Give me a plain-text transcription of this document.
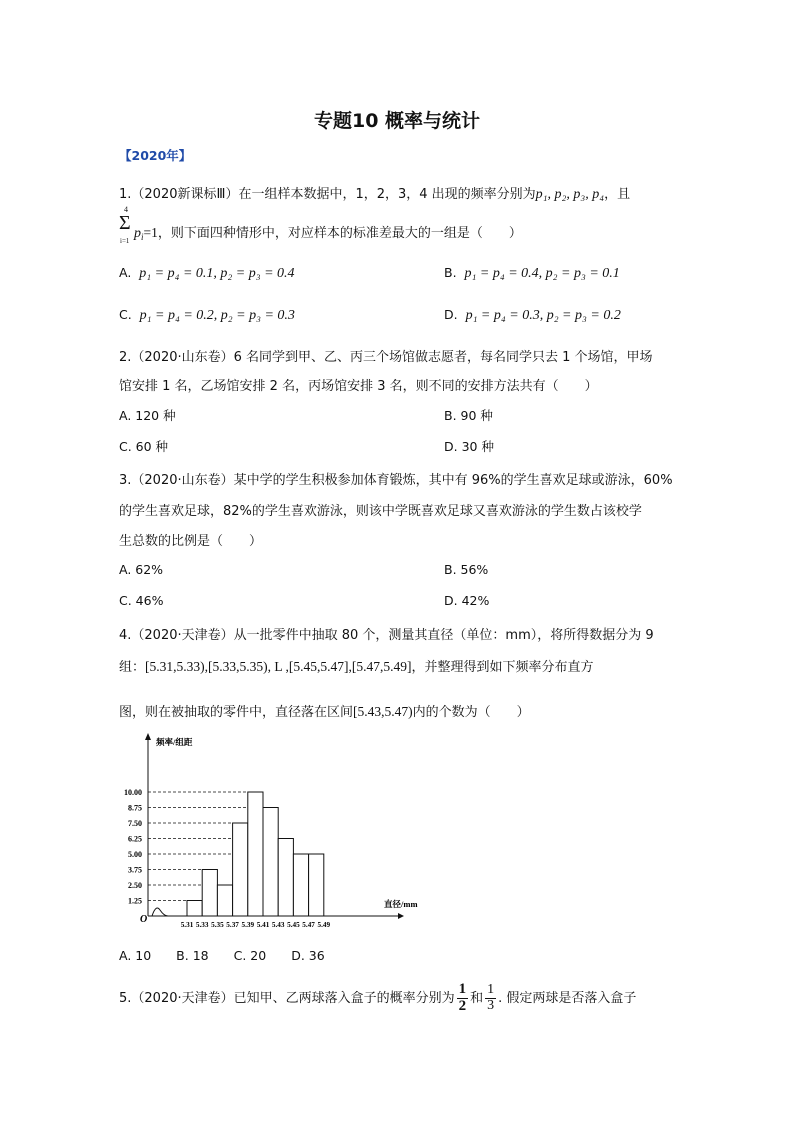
专题10 概率与统计
【2020年】
1.（2020新课标Ⅲ）在一组样本数据中，1，2，3，4 出现的频率分别为p₁, p₂, p₃, p₄，且
4
Σ
i=1 $p_i=1$，则下面四种情形中，对应样本的标准差最大的一组是（　　）
A. p₁ = p₄ = 0.1, p₂ = p₃ = 0.4	B. p₁ = p₄ = 0.4, p₂ = p₃ = 0.1
C. p₁ = p₄ = 0.2, p₂ = p₃ = 0.3	D. p₁ = p₄ = 0.3, p₂ = p₃ = 0.2
2.（2020·山东卷）6 名同学到甲、乙、丙三个场馆做志愿者，每名同学只去 1 个场馆，甲场
馆安排 1 名，乙场馆安排 2 名，丙场馆安排 3 名，则不同的安排方法共有（　　）
A. 120 种	B. 90 种
C. 60 种	D. 30 种
3.（2020·山东卷）某中学的学生积极参加体育锻炼，其中有 96%的学生喜欢足球或游泳，60%
的学生喜欢足球，82%的学生喜欢游泳，则该中学既喜欢足球又喜欢游泳的学生数占该校学
生总数的比例是（　　）
A. 62%	B. 56%
C. 46%	D. 42%
4.（2020·天津卷）从一批零件中抽取 80 个，测量其直径（单位：mm），将所得数据分为 9
组：[5.31,5.33),[5.33,5.35), L ,[5.45,5.47],[5.47,5.49]，并整理得到如下频率分布直方
图，则在被抽取的零件中，直径落在区间[5.43,5.47)内的个数为（　　）
频率/组距
直径/mm
O
1.25
2.50
3.75
5.00
6.25
7.50
8.75
10.00
5.31 5.33 5.35 5.37 5.39 5.41 5.43 5.45 5.47 5.49
A. 10　　B. 18　　C. 20　　D. 36
5.（2020·天津卷）已知甲、乙两球落入盒子的概率分别为 $\frac{1}{2}$ 和 $\frac{1}{3}$ . 假定两球是否落入盒子
